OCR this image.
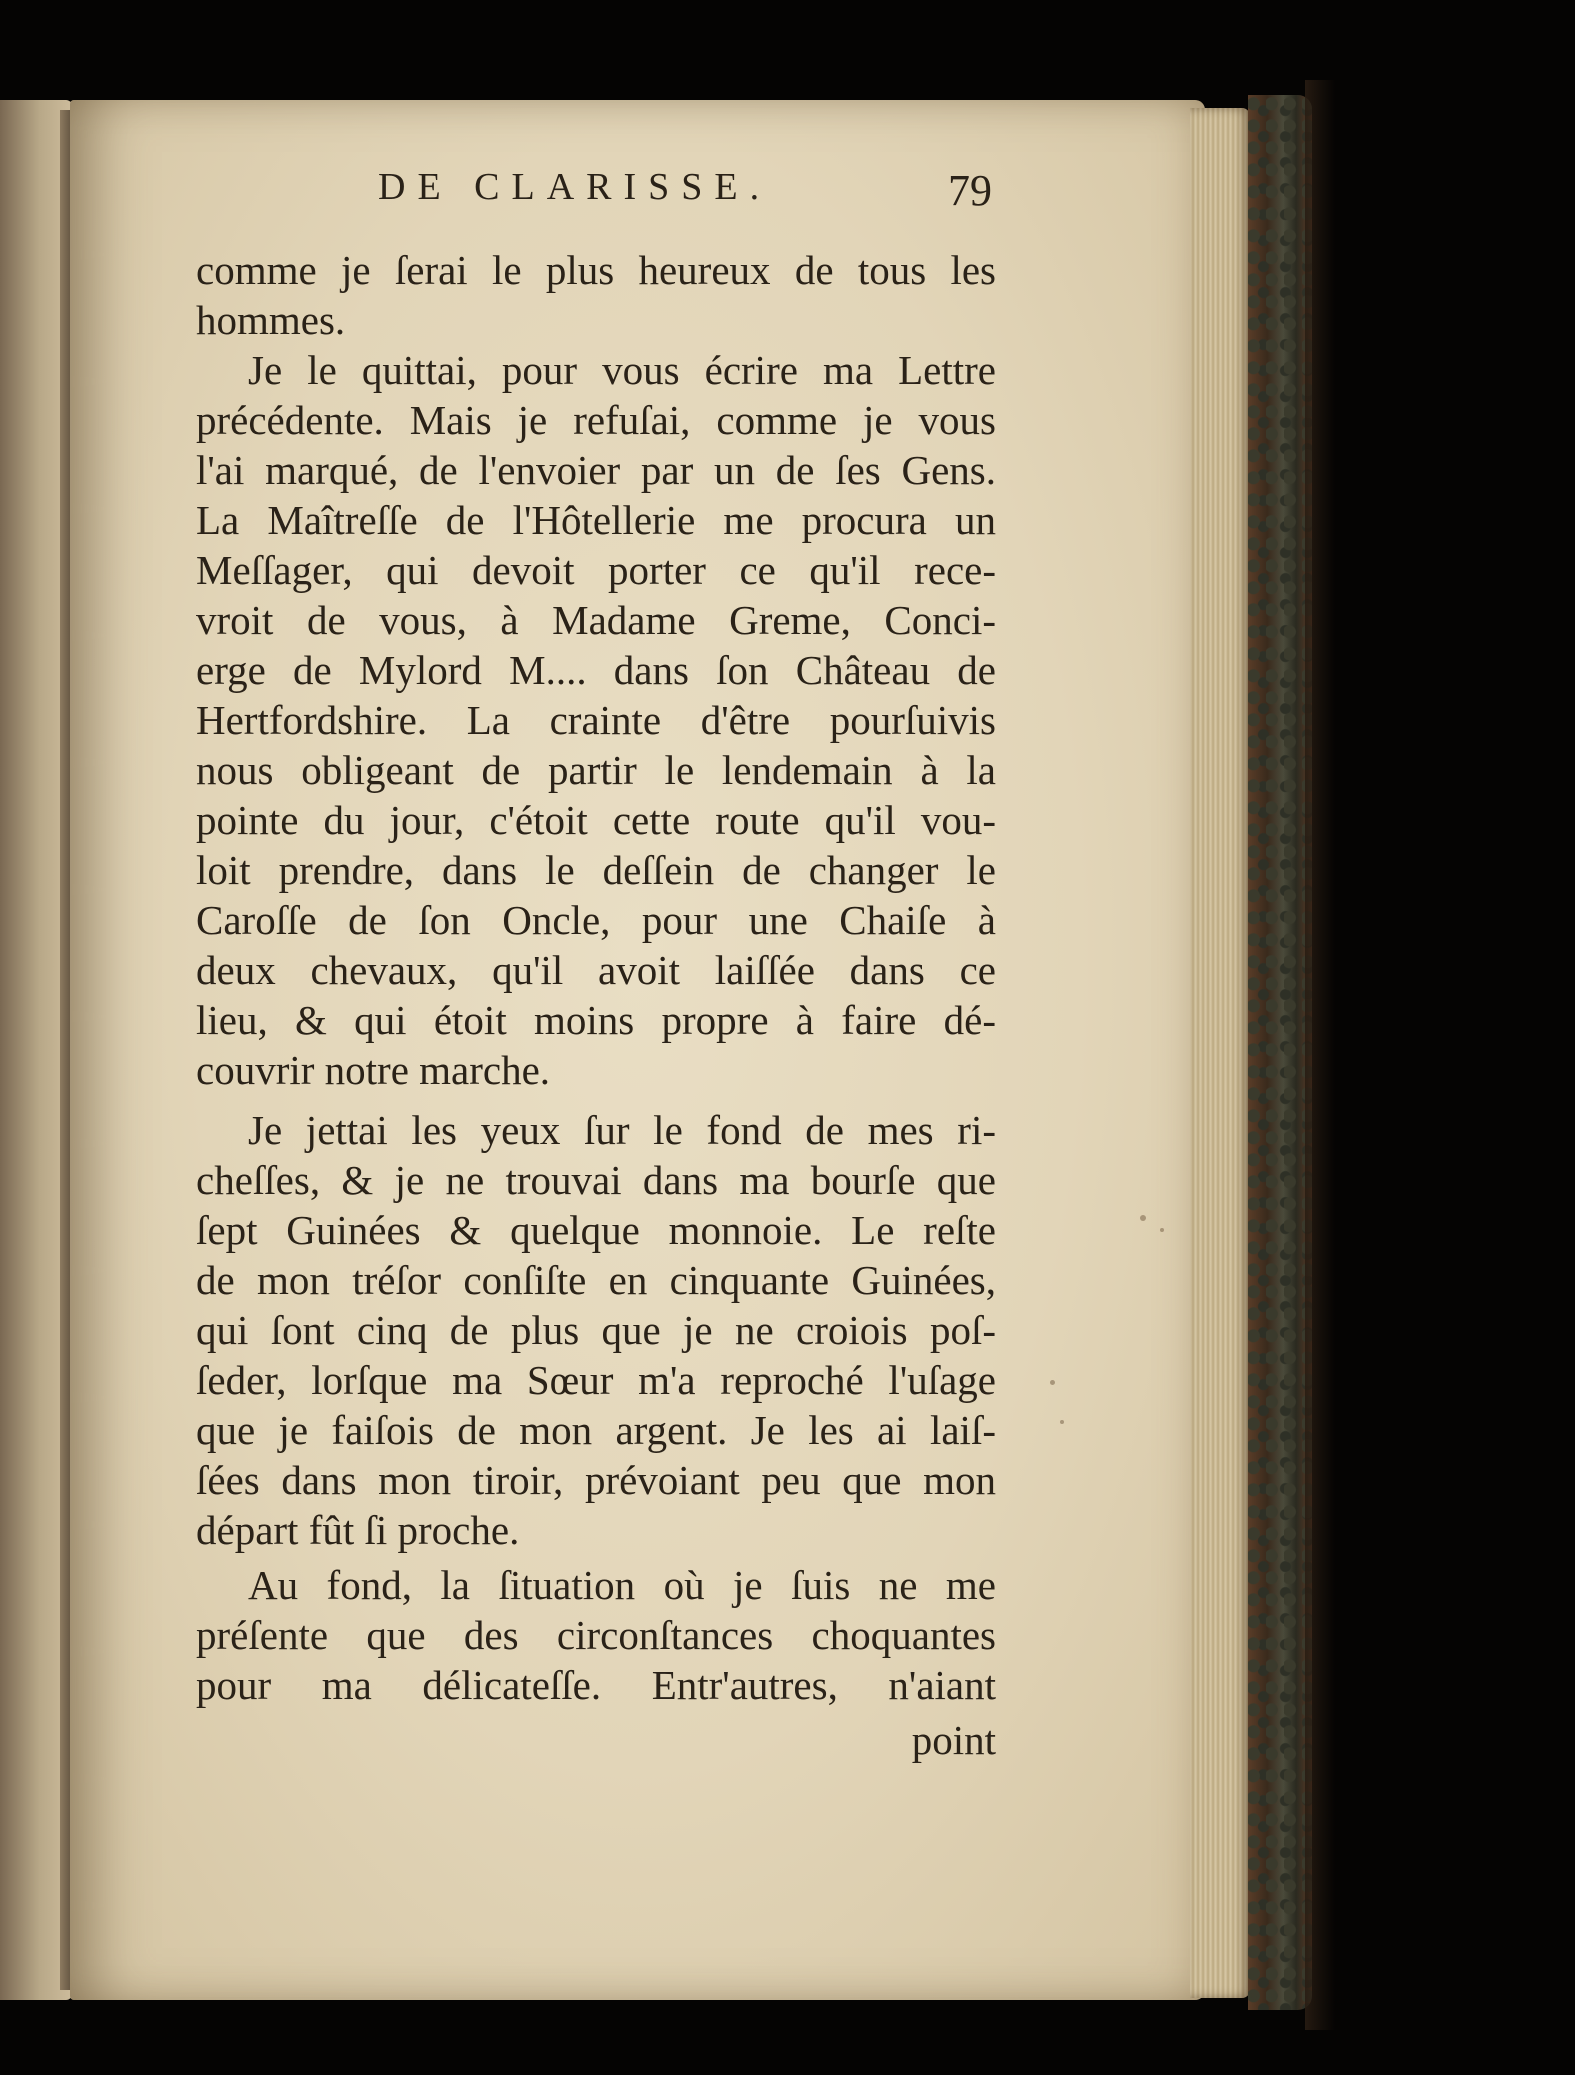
DE CLARISSE.	79
comme je ſerai le plus heureux de tous les
hommes.
Je le quittai, pour vous écrire ma Lettre
précédente. Mais je refuſai, comme je vous
l'ai marqué, de l'envoier par un de ſes Gens.
La Maîtreſſe de l'Hôtellerie me procura un
Meſſager, qui devoit porter ce qu'il rece-
vroit de vous, à Madame Greme, Conci-
erge de Mylord M.... dans ſon Château de
Hertfordshire. La crainte d'être pourſuivis
nous obligeant de partir le lendemain à la
pointe du jour, c'étoit cette route qu'il vou-
loit prendre, dans le deſſein de changer le
Caroſſe de ſon Oncle, pour une Chaiſe à
deux chevaux, qu'il avoit laiſſée dans ce
lieu, & qui étoit moins propre à faire dé-
couvrir notre marche.
Je jettai les yeux ſur le fond de mes ri-
cheſſes, & je ne trouvai dans ma bourſe que
ſept Guinées & quelque monnoie. Le reſte
de mon tréſor conſiſte en cinquante Guinées,
qui ſont cinq de plus que je ne croiois poſ-
ſeder, lorſque ma Sœur m'a reproché l'uſage
que je faiſois de mon argent. Je les ai laiſ-
ſées dans mon tiroir, prévoiant peu que mon
départ fût ſi proche.
Au fond, la ſituation où je ſuis ne me
préſente que des circonſtances choquantes
pour ma délicateſſe. Entr'autres, n'aiant
point
